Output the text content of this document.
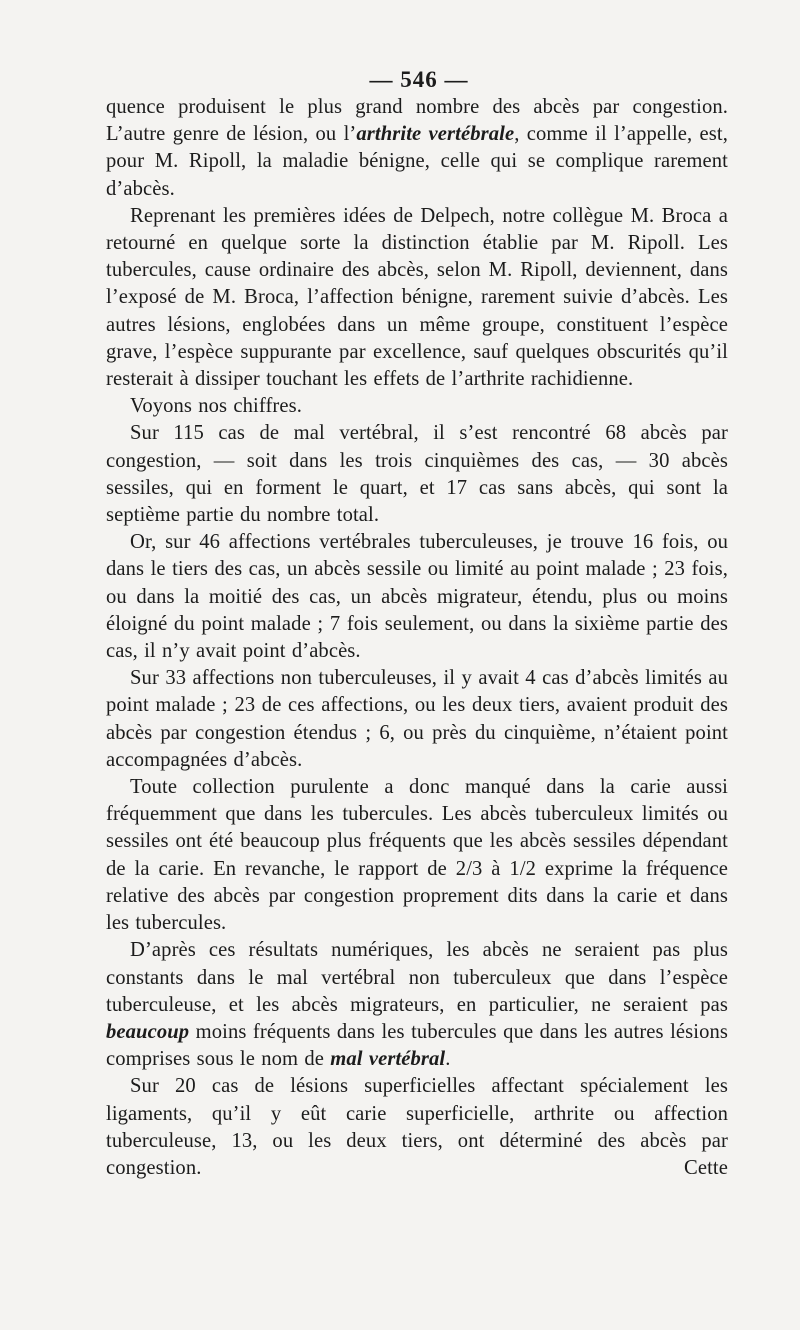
— 546 —

quence produisent le plus grand nombre des abcès par congestion. L’autre genre de lésion, ou l’arthrite vertébrale, comme il l’appelle, est, pour M. Ripoll, la maladie bénigne, celle qui se complique rarement d’abcès.

Reprenant les premières idées de Delpech, notre collègue M. Broca a retourné en quelque sorte la distinction établie par M. Ripoll. Les tubercules, cause ordinaire des abcès, selon M. Ripoll, deviennent, dans l’exposé de M. Broca, l’affection bénigne, rarement suivie d’abcès. Les autres lésions, englobées dans un même groupe, constituent l’espèce grave, l’espèce suppurante par excellence, sauf quelques obscurités qu’il resterait à dissiper touchant les effets de l’arthrite rachidienne.

Voyons nos chiffres.

Sur 115 cas de mal vertébral, il s’est rencontré 68 abcès par congestion, — soit dans les trois cinquièmes des cas, — 30 abcès sessiles, qui en forment le quart, et 17 cas sans abcès, qui sont la septième partie du nombre total.

Or, sur 46 affections vertébrales tuberculeuses, je trouve 16 fois, ou dans le tiers des cas, un abcès sessile ou limité au point malade ; 23 fois, ou dans la moitié des cas, un abcès migrateur, étendu, plus ou moins éloigné du point malade ; 7 fois seulement, ou dans la sixième partie des cas, il n’y avait point d’abcès.

Sur 33 affections non tuberculeuses, il y avait 4 cas d’abcès limités au point malade ; 23 de ces affections, ou les deux tiers, avaient produit des abcès par congestion étendus ; 6, ou près du cinquième, n’étaient point accompagnées d’abcès.

Toute collection purulente a donc manqué dans la carie aussi fréquemment que dans les tubercules. Les abcès tuberculeux limités ou sessiles ont été beaucoup plus fréquents que les abcès sessiles dépendant de la carie. En revanche, le rapport de 2/3 à 1/2 exprime la fréquence relative des abcès par congestion proprement dits dans la carie et dans les tubercules.

D’après ces résultats numériques, les abcès ne seraient pas plus constants dans le mal vertébral non tuberculeux que dans l’espèce tuberculeuse, et les abcès migrateurs, en particulier, ne seraient pas beaucoup moins fréquents dans les tubercules que dans les autres lésions comprises sous le nom de mal vertébral.

Sur 20 cas de lésions superficielles affectant spécialement les ligaments, qu’il y eût carie superficielle, arthrite ou affection tuberculeuse, 13, ou les deux tiers, ont déterminé des abcès par congestion. Cette
